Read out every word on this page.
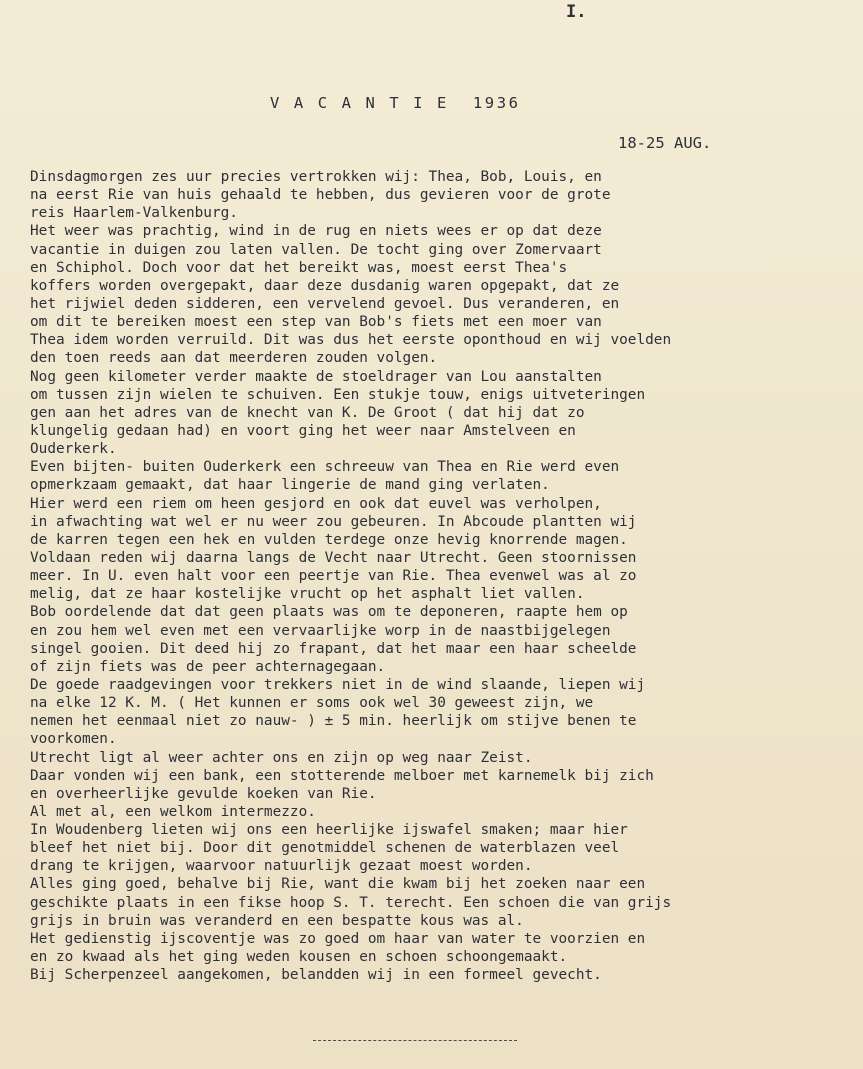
I.
V A C A N T I E  1936
18-25 AUG.
Dinsdagmorgen zes uur precies vertrokken wij: Thea, Bob, Louis, en
na eerst Rie van huis gehaald te hebben, dus gevieren voor de grote
reis Haarlem-Valkenburg.
Het weer was prachtig, wind in de rug en niets wees er op dat deze
vacantie in duigen zou laten vallen. De tocht ging over Zomervaart
en Schiphol. Doch voor dat het bereikt was, moest eerst Thea's
koffers worden overgepakt, daar deze dusdanig waren opgepakt, dat ze
het rijwiel deden sidderen, een vervelend gevoel. Dus veranderen, en
om dit te bereiken moest een step van Bob's fiets met een moer van
Thea idem worden verruild. Dit was dus het eerste oponthoud en wij voelden
den toen reeds aan dat meerderen zouden volgen.
Nog geen kilometer verder maakte de stoeldrager van Lou aanstalten
om tussen zijn wielen te schuiven. Een stukje touw, enigs uitveteringen
gen aan het adres van de knecht van K. De Groot ( dat hij dat zo
klungelig gedaan had) en voort ging het weer naar Amstelveen en
Ouderkerk.
Even bijten- buiten Ouderkerk een schreeuw van Thea en Rie werd even
opmerkzaam gemaakt, dat haar lingerie de mand ging verlaten.
Hier werd een riem om heen gesjord en ook dat euvel was verholpen,
in afwachting wat wel er nu weer zou gebeuren. In Abcoude plantten wij
de karren tegen een hek en vulden terdege onze hevig knorrende magen.
Voldaan reden wij daarna langs de Vecht naar Utrecht. Geen stoornissen
meer. In U. even halt voor een peertje van Rie. Thea evenwel was al zo
melig, dat ze haar kostelijke vrucht op het asphalt liet vallen.
Bob oordelende dat dat geen plaats was om te deponeren, raapte hem op
en zou hem wel even met een vervaarlijke worp in de naastbijgelegen
singel gooien. Dit deed hij zo frapant, dat het maar een haar scheelde
of zijn fiets was de peer achternagegaan.
De goede raadgevingen voor trekkers niet in de wind slaande, liepen wij
na elke 12 K. M. ( Het kunnen er soms ook wel 30 geweest zijn, we
nemen het eenmaal niet zo nauw- ) ± 5 min. heerlijk om stijve benen te
voorkomen.
Utrecht ligt al weer achter ons en zijn op weg naar Zeist.
Daar vonden wij een bank, een stotterende melboer met karnemelk bij zich
en overheerlijke gevulde koeken van Rie.
Al met al, een welkom intermezzo.
In Woudenberg lieten wij ons een heerlijke ijswafel smaken; maar hier
bleef het niet bij. Door dit genotmiddel schenen de waterblazen veel
drang te krijgen, waarvoor natuurlijk gezaat moest worden.
Alles ging goed, behalve bij Rie, want die kwam bij het zoeken naar een
geschikte plaats in een fikse hoop S. T. terecht. Een schoen die van grijs
grijs in bruin was veranderd en een bespatte kous was al.
Het gedienstig ijscoventje was zo goed om haar van water te voorzien en
en zo kwaad als het ging weden kousen en schoen schoongemaakt.
Bij Scherpenzeel aangekomen, belandden wij in een formeel gevecht.
